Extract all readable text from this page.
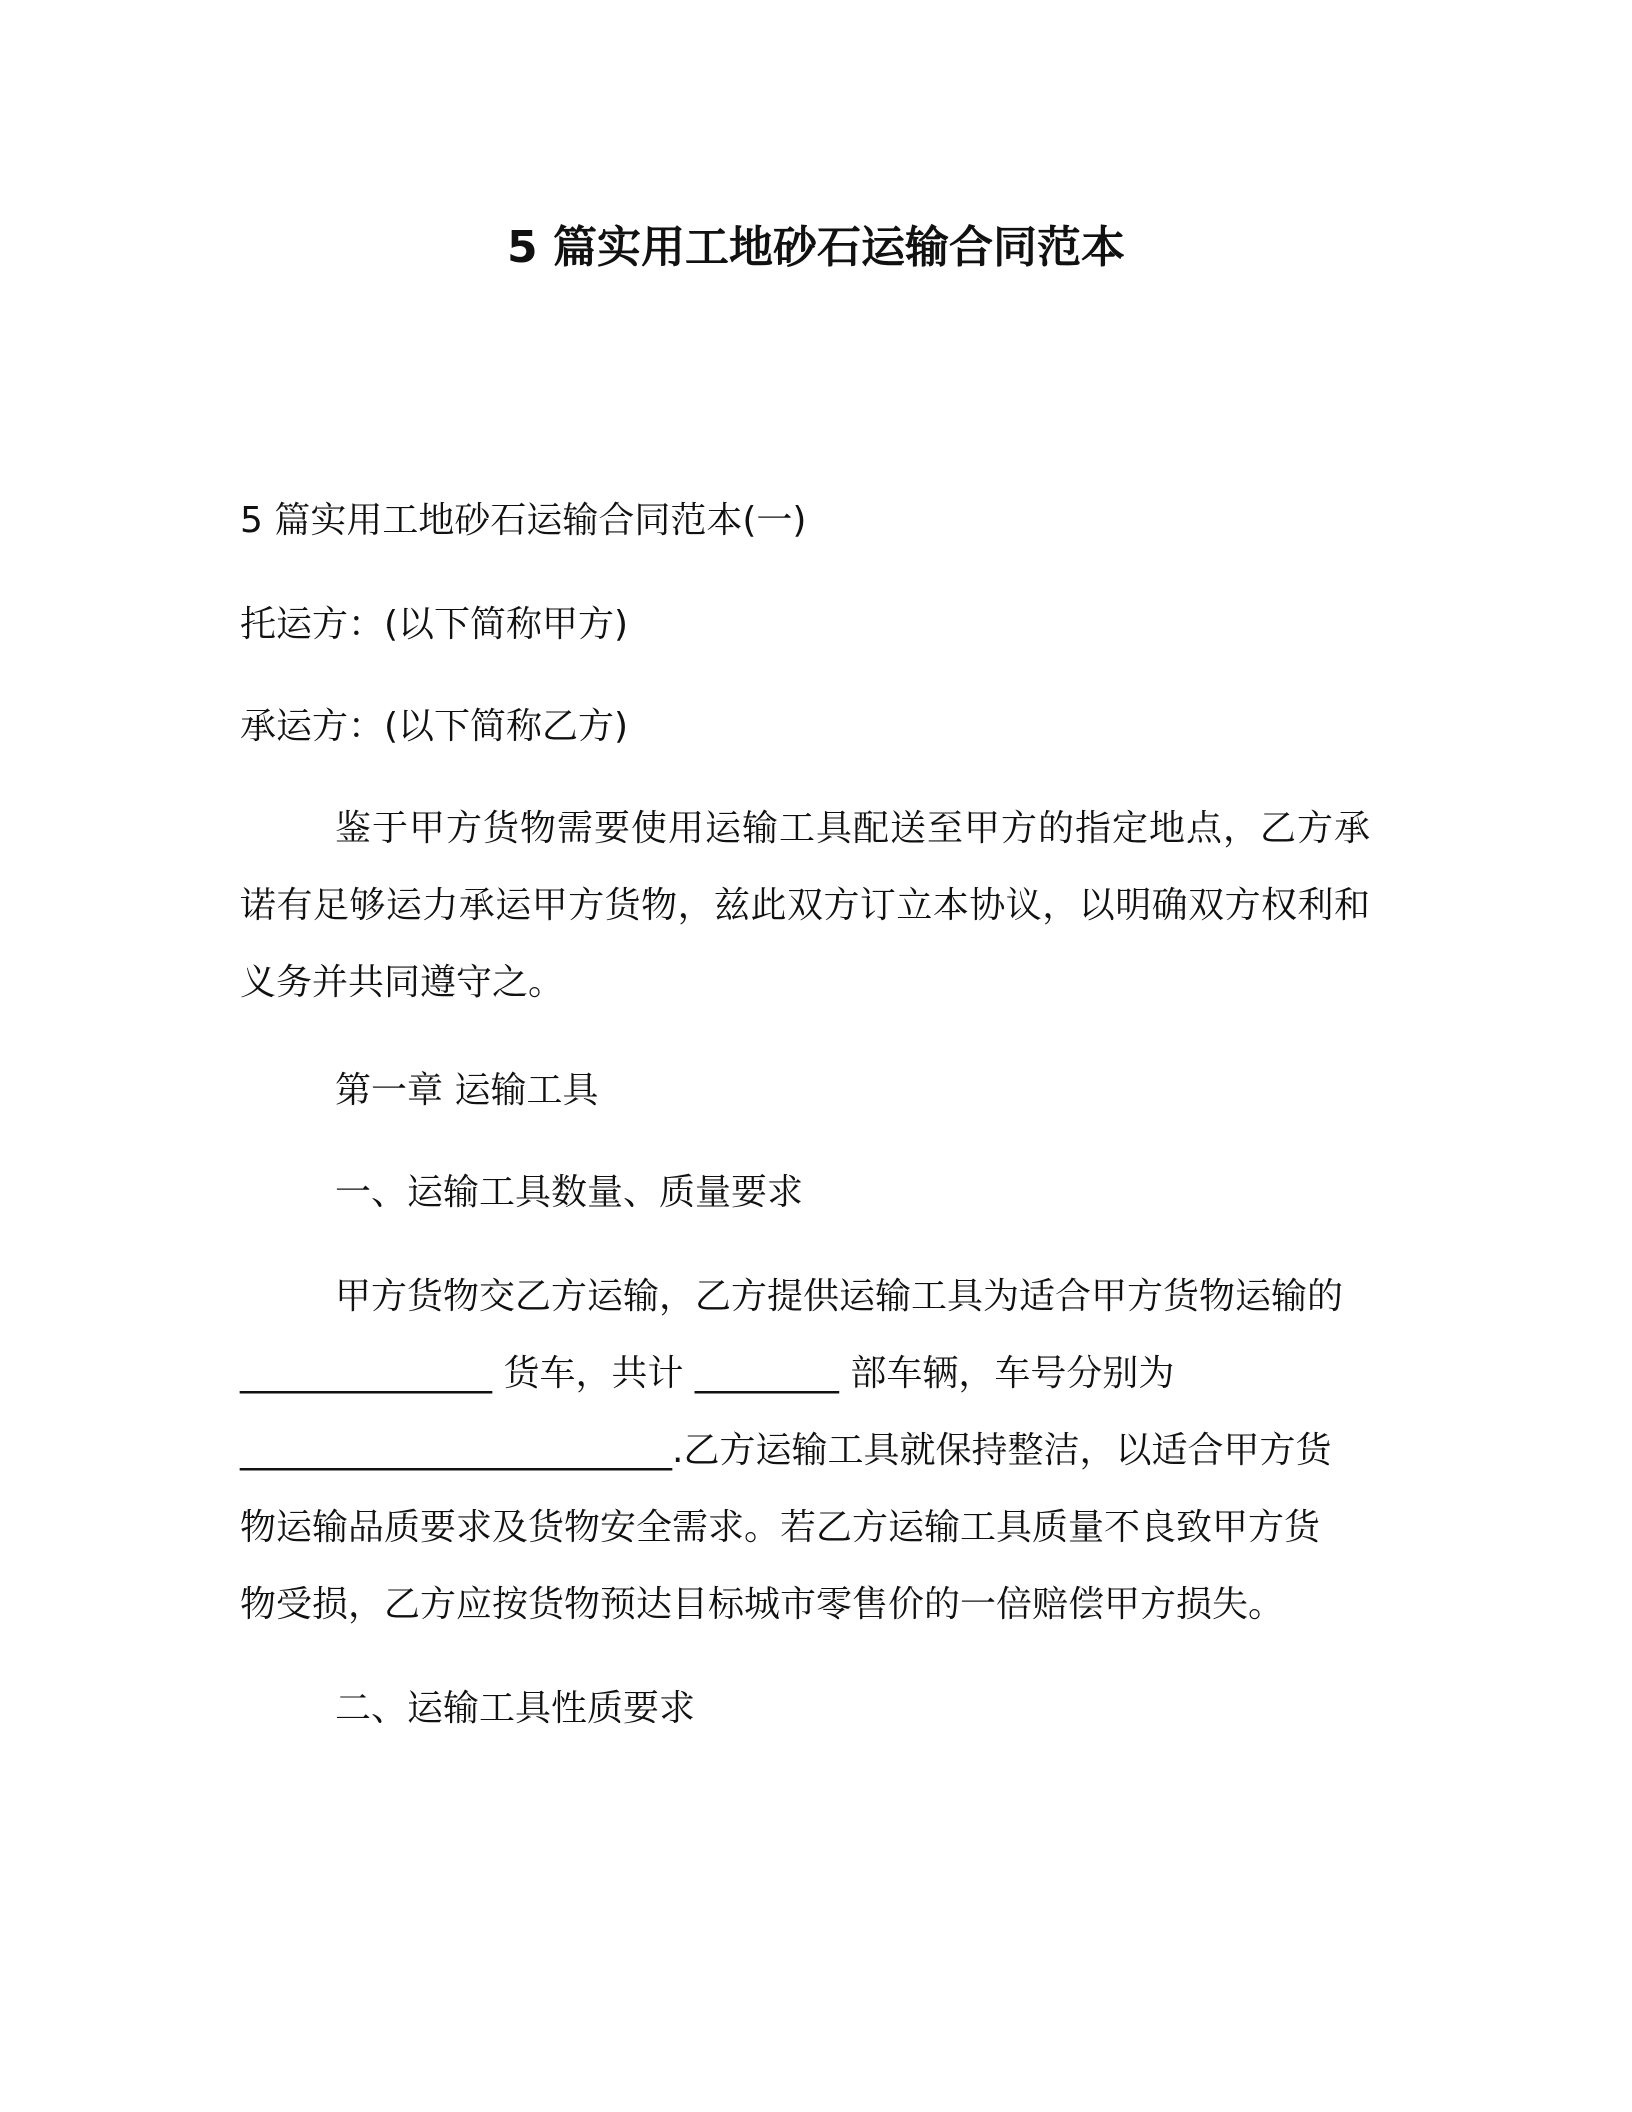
5 篇实用工地砂石运输合同范本

5 篇实用工地砂石运输合同范本(一)

托运方：(以下简称甲方)

承运方：(以下简称乙方)

鉴于甲方货物需要使用运输工具配送至甲方的指定地点，乙方承诺有足够运力承运甲方货物，兹此双方订立本协议，以明确双方权利和义务并共同遵守之。

第一章 运输工具

一、运输工具数量、质量要求

甲方货物交乙方运输，乙方提供运输工具为适合甲方货物运输的

______________ 货车，共计 ________ 部车辆，车号分别为

________________________.乙方运输工具就保持整洁，以适合甲方货

物运输品质要求及货物安全需求。若乙方运输工具质量不良致甲方货

物受损，乙方应按货物预达目标城市零售价的一倍赔偿甲方损失。

二、运输工具性质要求
